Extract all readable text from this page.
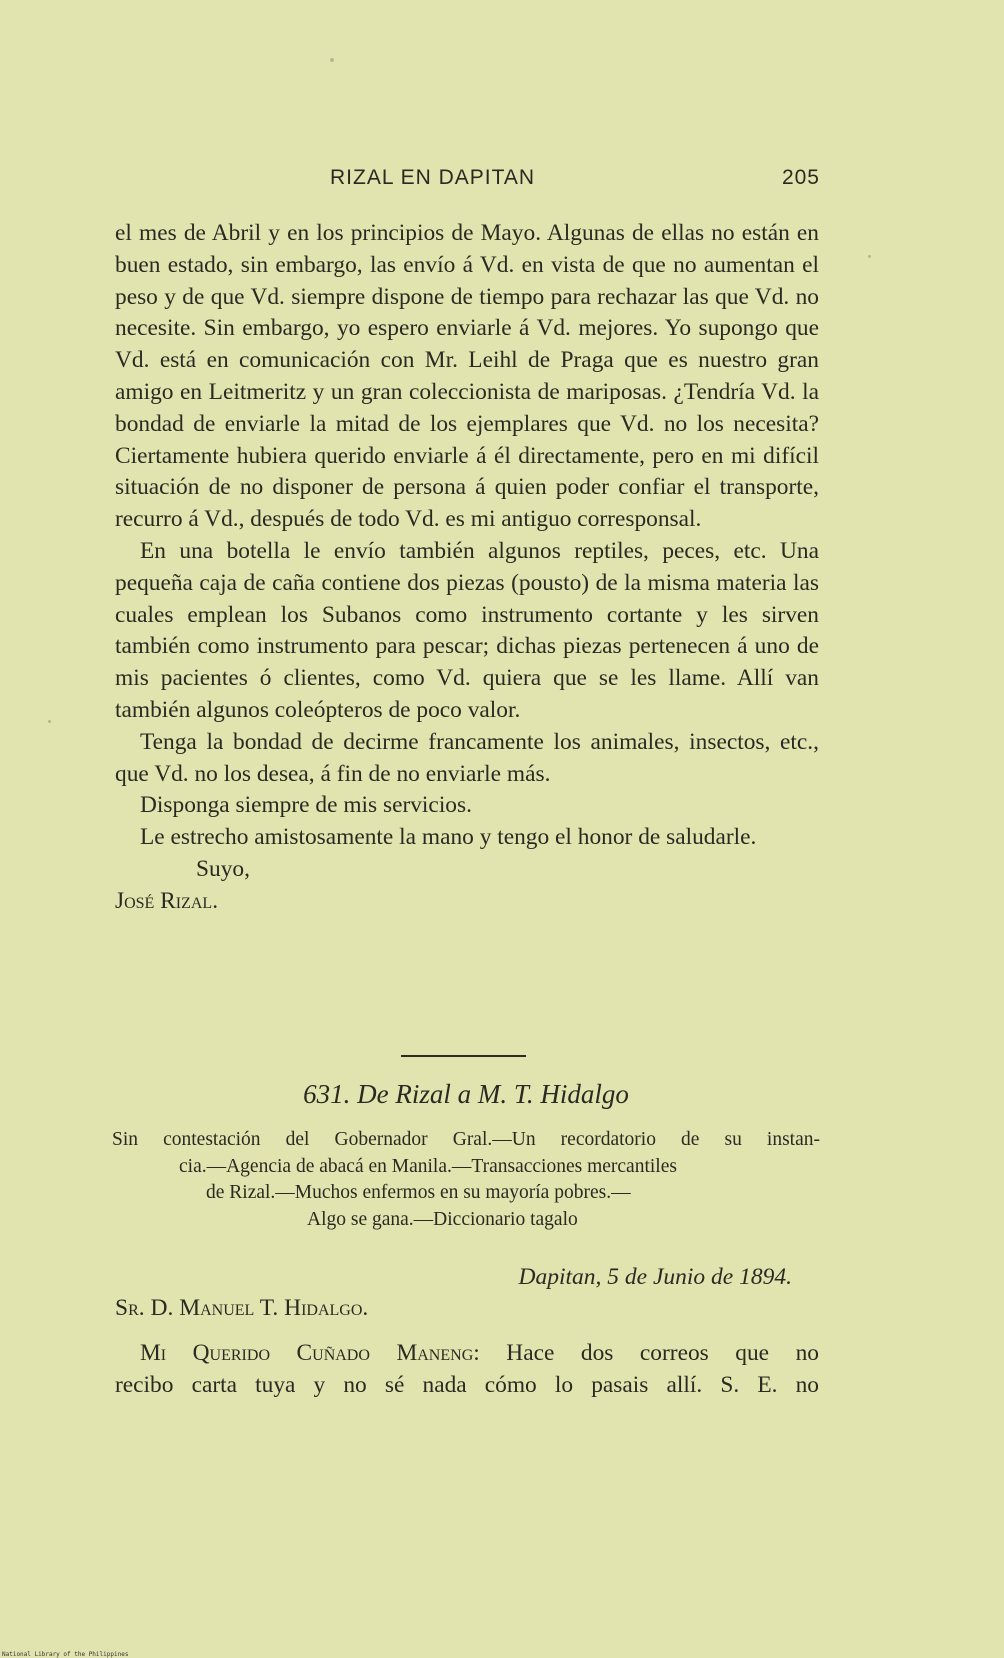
RIZAL EN DAPITAN	205

el mes de Abril y en los principios de Mayo. Algunas de ellas no están en buen estado, sin embargo, las envío á Vd. en vista de que no aumentan el peso y de que Vd. siempre dispone de tiempo para rechazar las que Vd. no necesite. Sin embargo, yo espero enviarle á Vd. mejores. Yo supongo que Vd. está en comunicación con Mr. Leihl de Praga que es nuestro gran amigo en Leitmeritz y un gran coleccionista de mariposas. ¿Tendría Vd. la bondad de enviarle la mitad de los ejemplares que Vd. no los necesita? Ciertamente hubiera querido enviarle á él directamente, pero en mi difícil situación de no disponer de persona á quien poder confiar el transporte, recurro á Vd., después de todo Vd. es mi antiguo corresponsal.

En una botella le envío también algunos reptiles, peces, etc. Una pequeña caja de caña contiene dos piezas (pousto) de la misma materia las cuales emplean los Subanos como instrumento cortante y les sirven también como instrumento para pescar; dichas piezas pertenecen á uno de mis pacientes ó clientes, como Vd. quiera que se les llame. Allí van también algunos coleópteros de poco valor.

Tenga la bondad de decirme francamente los animales, insectos, etc., que Vd. no los desea, á fin de no enviarle más.

Disponga siempre de mis servicios.

Le estrecho amistosamente la mano y tengo el honor de saludarle.

Suyo,

José Rizal.

631. De Rizal a M. T. Hidalgo

Sin contestación del Gobernador Gral.—Un recordatorio de su instan-

cia.—Agencia de abacá en Manila.—Transacciones mercantiles

de Rizal.—Muchos enfermos en su mayoría pobres.—

Algo se gana.—Diccionario tagalo

Dapitan, 5 de Junio de 1894.
Sr. D. Manuel T. Hidalgo.

Mi Querido Cuñado Maneng: Hace dos correos que no

recibo carta tuya y no sé nada cómo lo pasais allí. S. E. no

National Library of the Philippines
